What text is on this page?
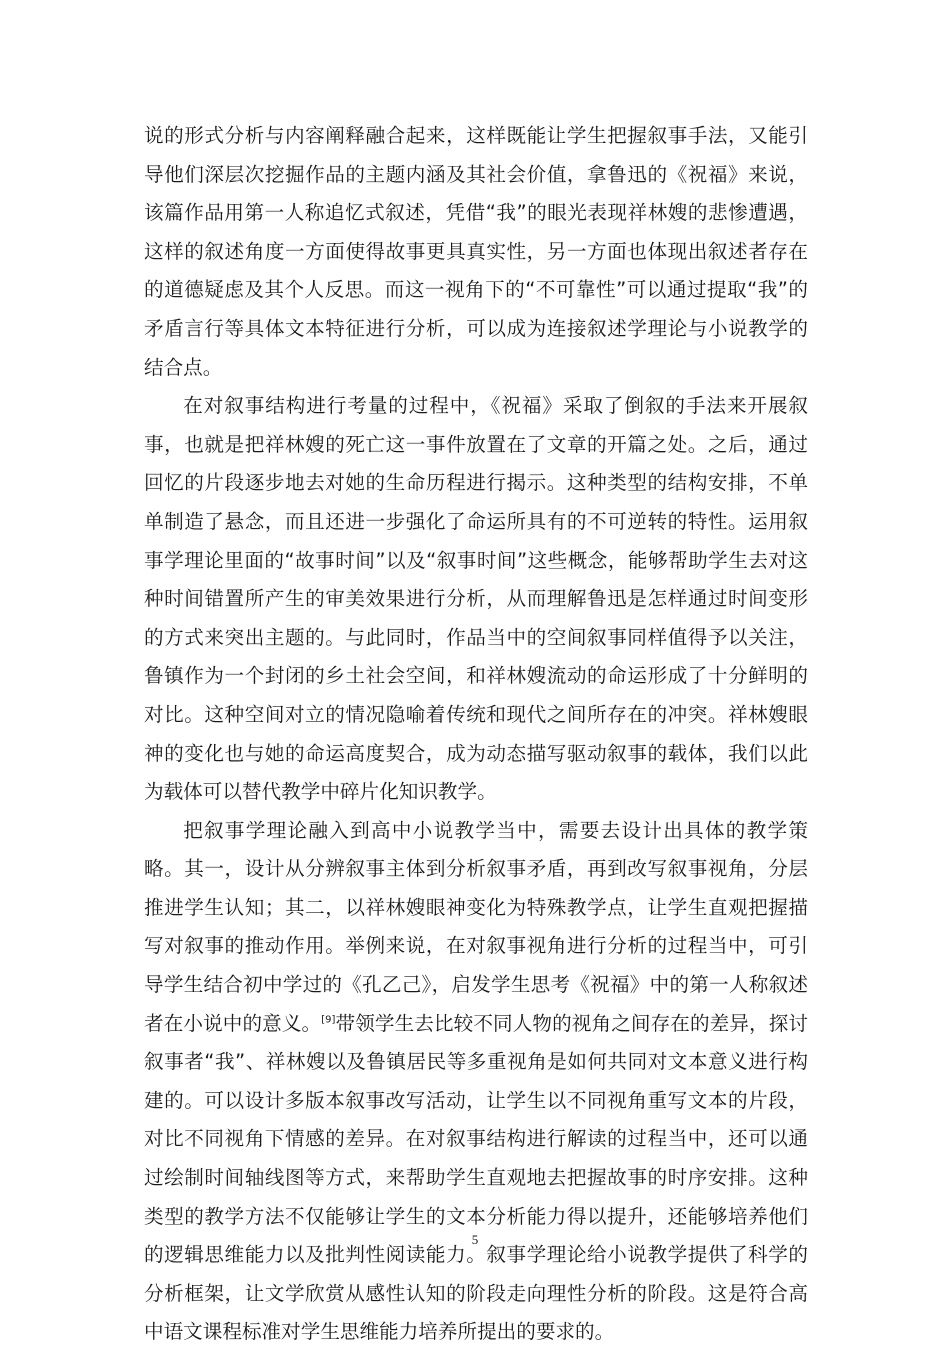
说的形式分析与内容阐释融合起来，这样既能让学生把握叙事手法，又能引导他们深层次挖掘作品的主题内涵及其社会价值，拿鲁迅的《祝福》来说，该篇作品用第一人称追忆式叙述，凭借“我”的眼光表现祥林嫂的悲惨遭遇，这样的叙述角度一方面使得故事更具真实性，另一方面也体现出叙述者存在的道德疑虑及其个人反思。而这一视角下的“不可靠性”可以通过提取“我”的矛盾言行等具体文本特征进行分析，可以成为连接叙述学理论与小说教学的结合点。

在对叙事结构进行考量的过程中，《祝福》采取了倒叙的手法来开展叙事，也就是把祥林嫂的死亡这一事件放置在了文章的开篇之处。之后，通过回忆的片段逐步地去对她的生命历程进行揭示。这种类型的结构安排，不单单制造了悬念，而且还进一步强化了命运所具有的不可逆转的特性。运用叙事学理论里面的“故事时间”以及“叙事时间”这些概念，能够帮助学生去对这种时间错置所产生的审美效果进行分析，从而理解鲁迅是怎样通过时间变形的方式来突出主题的。与此同时，作品当中的空间叙事同样值得予以关注，鲁镇作为一个封闭的乡土社会空间，和祥林嫂流动的命运形成了十分鲜明的对比。这种空间对立的情况隐喻着传统和现代之间所存在的冲突。祥林嫂眼神的变化也与她的命运高度契合，成为动态描写驱动叙事的载体，我们以此为载体可以替代教学中碎片化知识教学。

把叙事学理论融入到高中小说教学当中，需要去设计出具体的教学策略。其一，设计从分辨叙事主体到分析叙事矛盾，再到改写叙事视角，分层推进学生认知；其二，以祥林嫂眼神变化为特殊教学点，让学生直观把握描写对叙事的推动作用。举例来说，在对叙事视角进行分析的过程当中，可引导学生结合初中学过的《孔乙己》，启发学生思考《祝福》中的第一人称叙述者在小说中的意义。[9]带领学生去比较不同人物的视角之间存在的差异，探讨叙事者“我”、祥林嫂以及鲁镇居民等多重视角是如何共同对文本意义进行构建的。可以设计多版本叙事改写活动，让学生以不同视角重写文本的片段，对比不同视角下情感的差异。在对叙事结构进行解读的过程当中，还可以通过绘制时间轴线图等方式，来帮助学生直观地去把握故事的时序安排。这种类型的教学方法不仅能够让学生的文本分析能力得以提升，还能够培养他们的逻辑思维能力以及批判性阅读能力。叙事学理论给小说教学提供了科学的分析框架，让文学欣赏从感性认知的阶段走向理性分析的阶段。这是符合高中语文课程标准对学生思维能力培养所提出的要求的。

5
